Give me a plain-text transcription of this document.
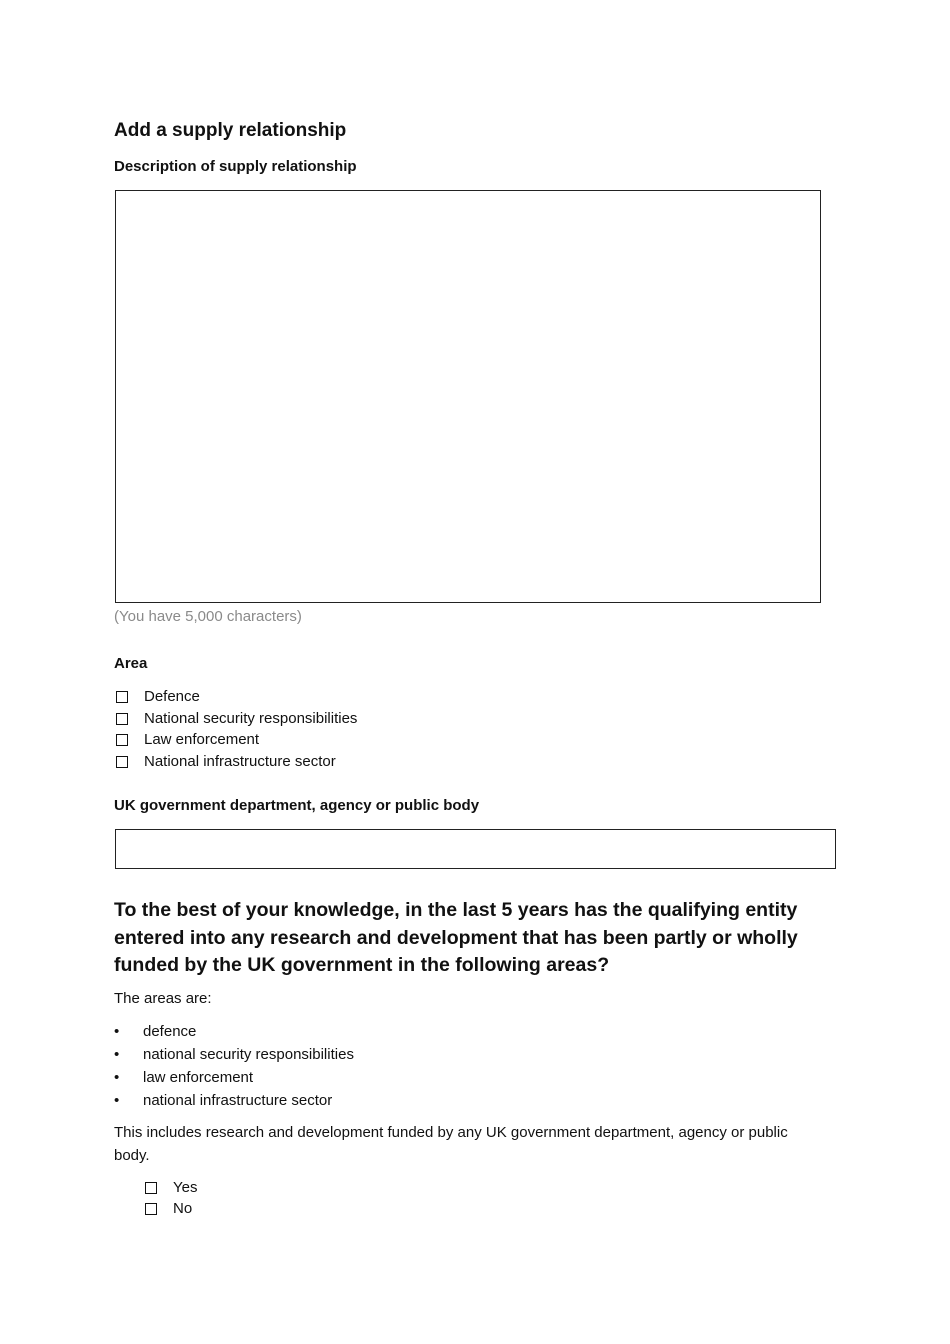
Add a supply relationship
Description of supply relationship
(You have 5,000 characters)
Area
Defence
National security responsibilities
Law enforcement
National infrastructure sector
UK government department, agency or public body
To the best of your knowledge, in the last 5 years has the qualifying entity entered into any research and development that has been partly or wholly funded by the UK government in the following areas?
The areas are:
•	defence
•	national security responsibilities
•	law enforcement
•	national infrastructure sector
This includes research and development funded by any UK government department, agency or public body.
Yes
No
